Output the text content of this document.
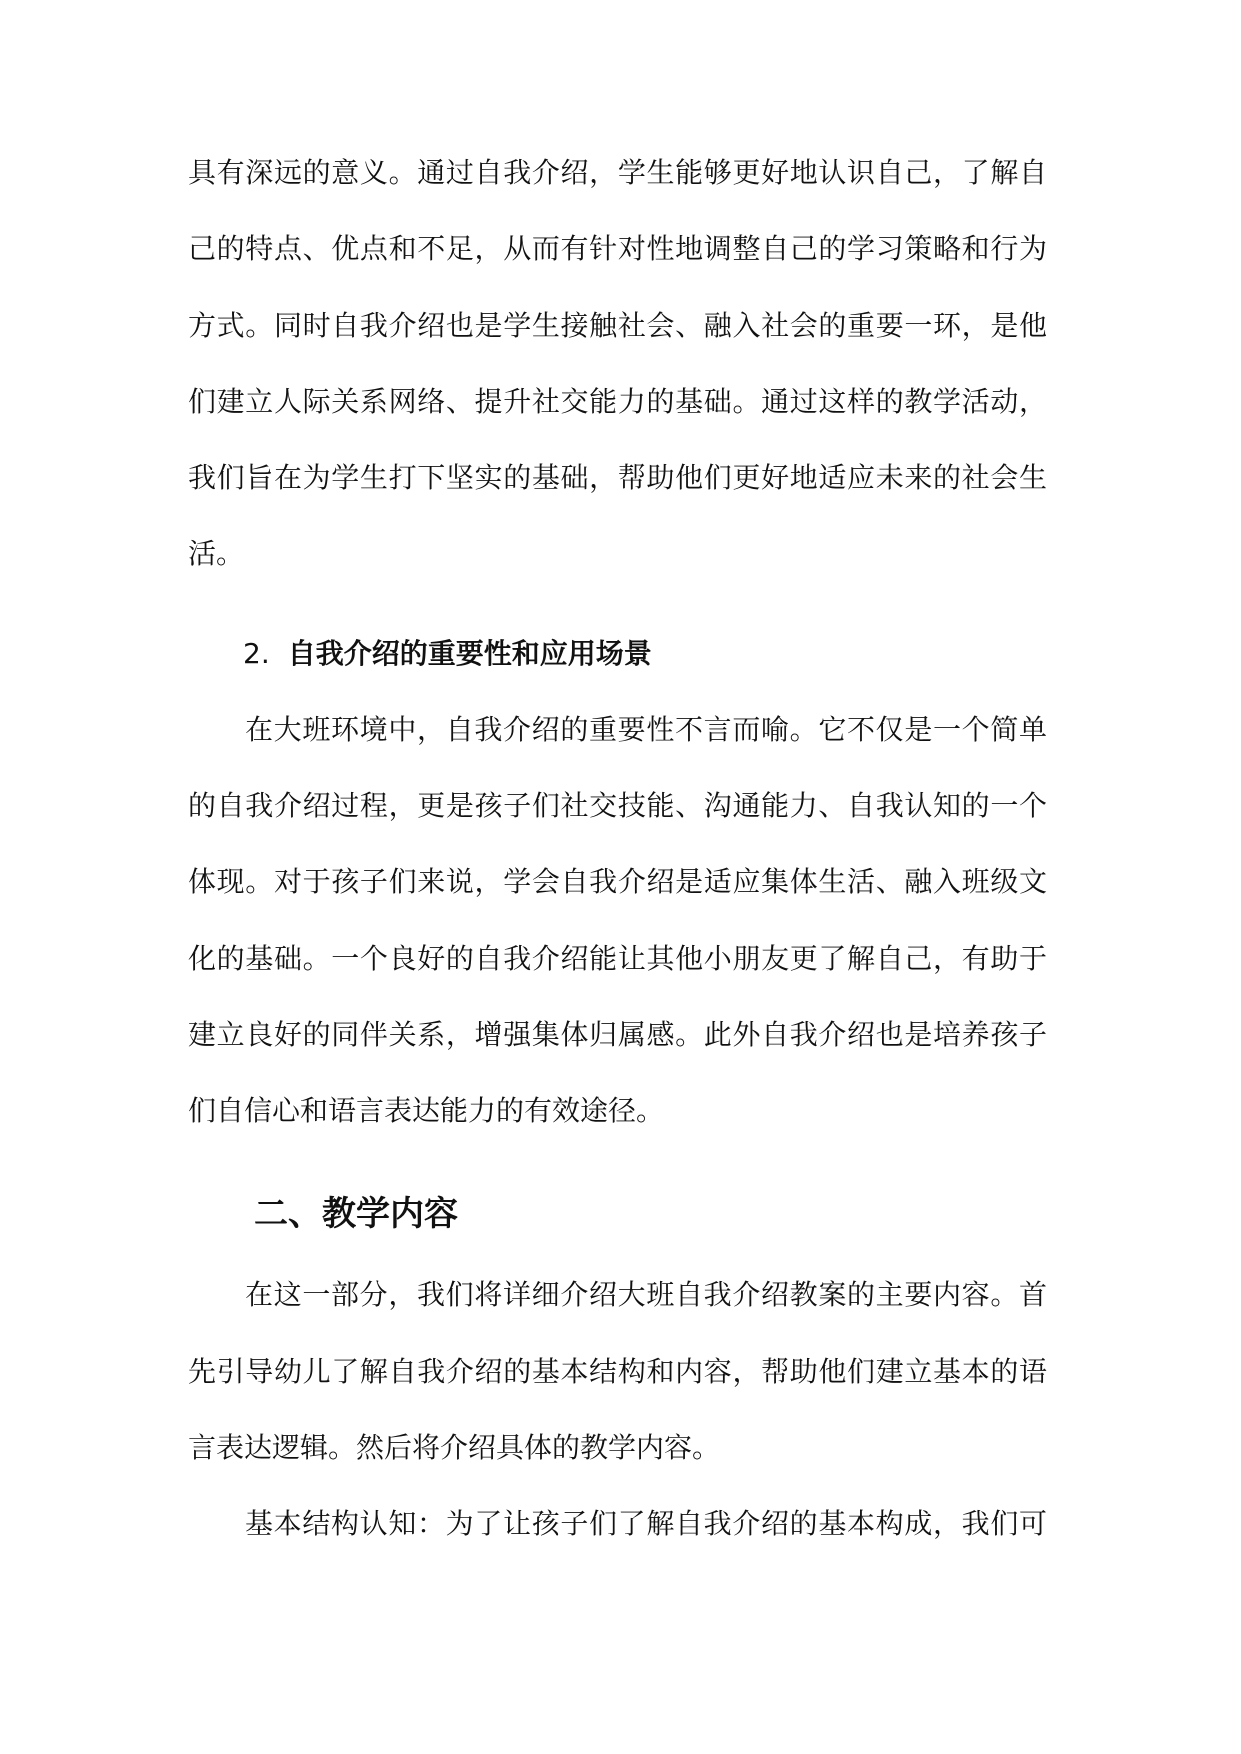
具有深远的意义。通过自我介绍，学生能够更好地认识自己，了解自
己的特点、优点和不足，从而有针对性地调整自己的学习策略和行为
方式。同时自我介绍也是学生接触社会、融入社会的重要一环，是他
们建立人际关系网络、提升社交能力的基础。通过这样的教学活动，
我们旨在为学生打下坚实的基础，帮助他们更好地适应未来的社会生
活。
2. 自我介绍的重要性和应用场景
在大班环境中，自我介绍的重要性不言而喻。它不仅是一个简单
的自我介绍过程，更是孩子们社交技能、沟通能力、自我认知的一个
体现。对于孩子们来说，学会自我介绍是适应集体生活、融入班级文
化的基础。一个良好的自我介绍能让其他小朋友更了解自己，有助于
建立良好的同伴关系，增强集体归属感。此外自我介绍也是培养孩子
们自信心和语言表达能力的有效途径。
二、教学内容
在这一部分，我们将详细介绍大班自我介绍教案的主要内容。首
先引导幼儿了解自我介绍的基本结构和内容，帮助他们建立基本的语
言表达逻辑。然后将介绍具体的教学内容。
基本结构认知：为了让孩子们了解自我介绍的基本构成，我们可
